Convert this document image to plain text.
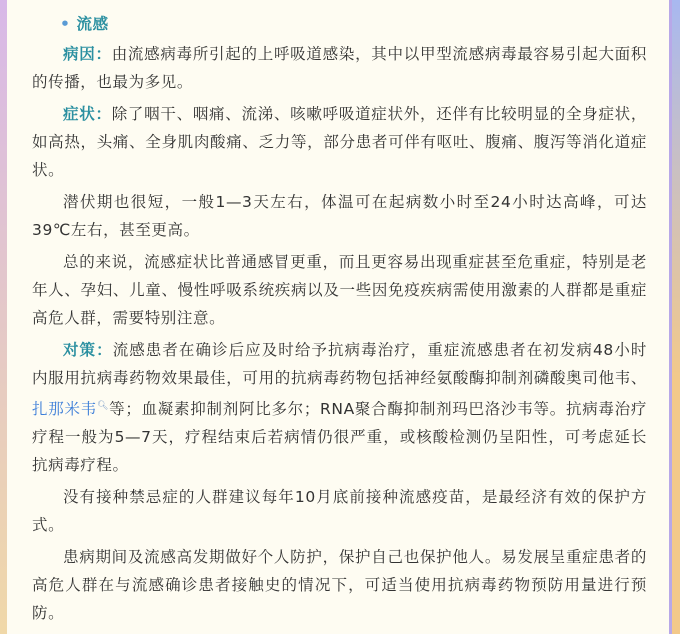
• 流感

病因：由流感病毒所引起的上呼吸道感染，其中以甲型流感病毒最容易引起大面积的传播，也最为多见。

症状：除了咽干、咽痛、流涕、咳嗽呼吸道症状外，还伴有比较明显的全身症状，如高热，头痛、全身肌肉酸痛、乏力等，部分患者可伴有呕吐、腹痛、腹泻等消化道症状。

潜伏期也很短，一般1—3天左右，体温可在起病数小时至24小时达高峰，可达39℃左右，甚至更高。

总的来说，流感症状比普通感冒更重，而且更容易出现重症甚至危重症，特别是老年人、孕妇、儿童、慢性呼吸系统疾病以及一些因免疫疾病需使用激素的人群都是重症高危人群，需要特别注意。

对策：流感患者在确诊后应及时给予抗病毒治疗，重症流感患者在初发病48小时内服用抗病毒药物效果最佳，可用的抗病毒药物包括神经氨酸酶抑制剂磷酸奥司他韦、扎那米韦🔍︎等；血凝素抑制剂阿比多尔；RNA聚合酶抑制剂玛巴洛沙韦等。抗病毒治疗疗程一般为5—7天，疗程结束后若病情仍很严重，或核酸检测仍呈阳性，可考虑延长抗病毒疗程。

没有接种禁忌症的人群建议每年10月底前接种流感疫苗，是最经济有效的保护方式。

患病期间及流感高发期做好个人防护，保护自己也保护他人。易发展呈重症患者的高危人群在与流感确诊患者接触史的情况下，可适当使用抗病毒药物预防用量进行预防。
